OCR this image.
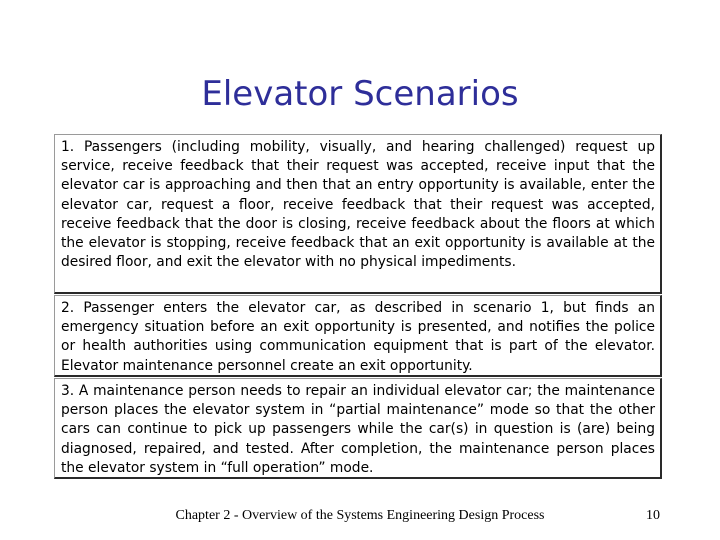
Elevator Scenarios

1. Passengers (including mobility, visually, and hearing challenged) request up service, receive feedback that their request was accepted, receive input that the elevator car is approaching and then that an entry opportunity is available, enter the elevator car, request a floor, receive feedback that their request was accepted, receive feedback that the door is closing, receive feedback about the floors at which the elevator is stopping, receive feedback that an exit opportunity is available at the desired floor, and exit the elevator with no physical impediments.

2. Passenger enters the elevator car, as described in scenario 1, but finds an emergency situation before an exit opportunity is presented, and notifies the police or health authorities using communication equipment that is part of the elevator. Elevator maintenance personnel create an exit opportunity.

3. A maintenance person needs to repair an individual elevator car; the maintenance person places the elevator system in “partial maintenance” mode so that the other cars can continue to pick up passengers while the car(s) in question is (are) being diagnosed, repaired, and tested. After completion, the maintenance person places the elevator system in “full operation” mode.

Chapter 2 - Overview of the Systems Engineering Design Process	10
